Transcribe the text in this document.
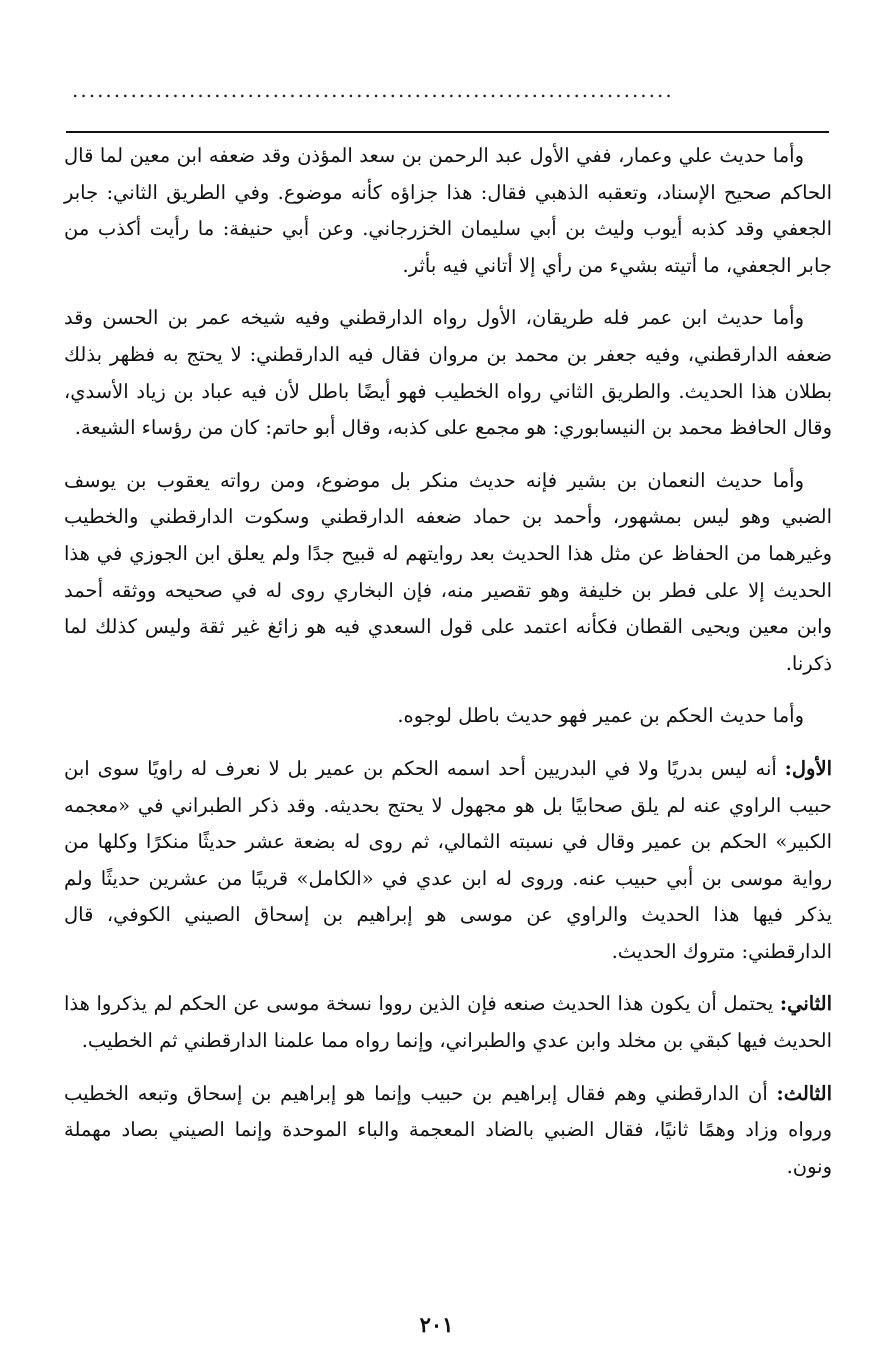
........................................................................

وأما حديث علي وعمار، ففي الأول عبد الرحمن بن سعد المؤذن وقد ضعفه ابن معين لما قال الحاكم صحيح الإسناد، وتعقبه الذهبي فقال: هذا جزاؤه كأنه موضوع. وفي الطريق الثاني: جابر الجعفي وقد كذبه أيوب وليث بن أبي سليمان الخزرجاني. وعن أبي حنيفة: ما رأيت أكذب من جابر الجعفي، ما أتيته بشيء من رأي إلا أتاني فيه بأثر.

وأما حديث ابن عمر فله طريقان، الأول رواه الدارقطني وفيه شيخه عمر بن الحسن وقد ضعفه الدارقطني، وفيه جعفر بن محمد بن مروان فقال فيه الدارقطني: لا يحتج به فظهر بذلك بطلان هذا الحديث. والطريق الثاني رواه الخطيب فهو أيضًا باطل لأن فيه عباد بن زياد الأسدي، وقال الحافظ محمد بن النيسابوري: هو مجمع على كذبه، وقال أبو حاتم: كان من رؤساء الشيعة.

وأما حديث النعمان بن بشير فإنه حديث منكر بل موضوع، ومن رواته يعقوب بن يوسف الضبي وهو ليس بمشهور، وأحمد بن حماد ضعفه الدارقطني وسكوت الدارقطني والخطيب وغيرهما من الحفاظ عن مثل هذا الحديث بعد روايتهم له قبيح جدًا ولم يعلق ابن الجوزي في هذا الحديث إلا على فطر بن خليفة وهو تقصير منه، فإن البخاري روى له في صحيحه ووثقه أحمد وابن معين ويحيى القطان فكأنه اعتمد على قول السعدي فيه هو زائغ غير ثقة وليس كذلك لما ذكرنا.

وأما حديث الحكم بن عمير فهو حديث باطل لوجوه.

الأول: أنه ليس بدريًا ولا في البدريين أحد اسمه الحكم بن عمير بل لا نعرف له راويًا سوى ابن حبيب الراوي عنه لم يلق صحابيًا بل هو مجهول لا يحتج بحديثه. وقد ذكر الطبراني في «معجمه الكبير» الحكم بن عمير وقال في نسبته الثمالي، ثم روى له بضعة عشر حديثًا منكرًا وكلها من رواية موسى بن أبي حبيب عنه. وروى له ابن عدي في «الكامل» قريبًا من عشرين حديثًا ولم يذكر فيها هذا الحديث والراوي عن موسى هو إبراهيم بن إسحاق الصيني الكوفي، قال الدارقطني: متروك الحديث.

الثاني: يحتمل أن يكون هذا الحديث صنعه فإن الذين رووا نسخة موسى عن الحكم لم يذكروا هذا الحديث فيها كبقي بن مخلد وابن عدي والطبراني، وإنما رواه مما علمنا الدارقطني ثم الخطيب.

الثالث: أن الدارقطني وهم فقال إبراهيم بن حبيب وإنما هو إبراهيم بن إسحاق وتبعه الخطيب ورواه وزاد وهمًا ثانيًا، فقال الضبي بالضاد المعجمة والباء الموحدة وإنما الصيني بصاد مهملة ونون.

٢٠١
